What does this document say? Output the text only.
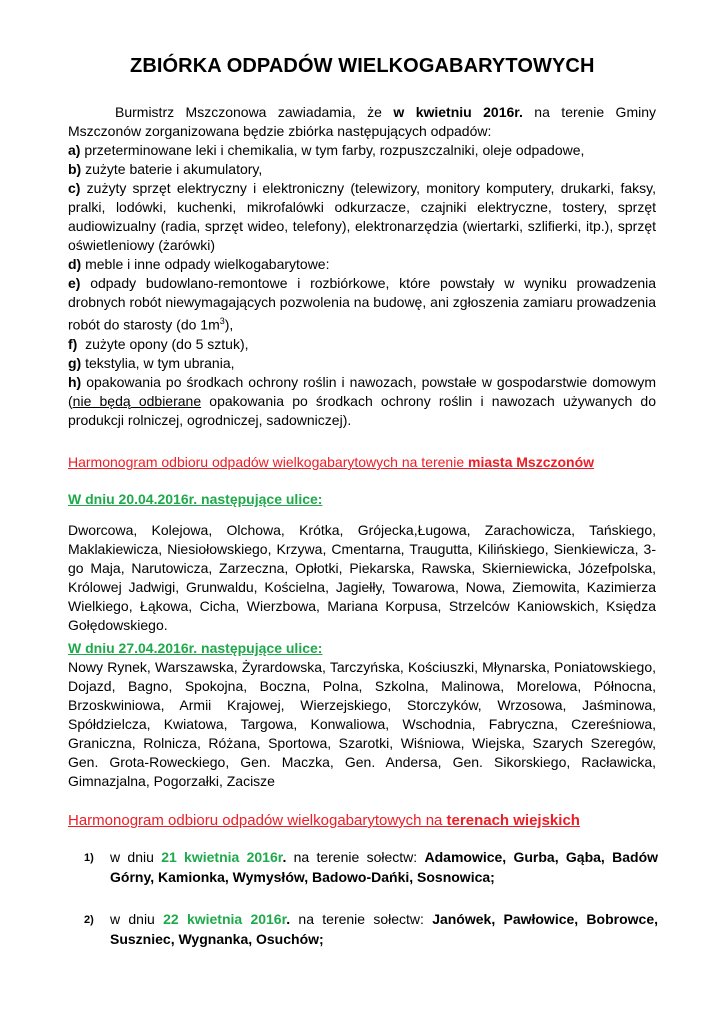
ZBIÓRKA ODPADÓW WIELKOGABARYTOWYCH

Burmistrz Mszczonowa zawiadamia, że w kwietniu 2016r. na terenie Gminy Mszczonów zorganizowana będzie zbiórka następujących odpadów:

a) przeterminowane leki i chemikalia, w tym farby, rozpuszczalniki, oleje odpadowe,

b) zużyte baterie i akumulatory,

c) zużyty sprzęt elektryczny i elektroniczny (telewizory, monitory komputery, drukarki, faksy, pralki, lodówki, kuchenki, mikrofalówki odkurzacze, czajniki elektryczne, tostery, sprzęt audiowizualny (radia, sprzęt wideo, telefony), elektronarzędzia (wiertarki, szlifierki, itp.), sprzęt oświetleniowy (żarówki)

d) meble i inne odpady wielkogabarytowe:

e) odpady budowlano-remontowe i rozbiórkowe, które powstały w wyniku prowadzenia drobnych robót niewymagających pozwolenia na budowę, ani zgłoszenia zamiaru prowadzenia robót do starosty (do $1m^3$),

f)  zużyte opony (do 5 sztuk),

g) tekstylia, w tym ubrania,

h) opakowania po środkach ochrony roślin i nawozach, powstałe w gospodarstwie domowym (nie będą odbierane opakowania po środkach ochrony roślin i nawozach używanych do produkcji rolniczej, ogrodniczej, sadowniczej).

Harmonogram odbioru odpadów wielkogabarytowych na terenie miasta Mszczonów

W dniu 20.04.2016r. następujące ulice:

Dworcowa, Kolejowa, Olchowa, Krótka, Grójecka,Ługowa, Zarachowicza, Tańskiego, Maklakiewicza, Niesiołowskiego, Krzywa, Cmentarna, Traugutta, Kilińskiego, Sienkiewicza, 3-go Maja, Narutowicza, Zarzeczna, Opłotki, Piekarska, Rawska, Skierniewicka, Józefpolska, Królowej Jadwigi, Grunwaldu, Kościelna, Jagiełły, Towarowa, Nowa, Ziemowita, Kazimierza Wielkiego, Łąkowa, Cicha, Wierzbowa, Mariana Korpusa, Strzelców Kaniowskich, Księdza Gołędowskiego.

W dniu 27.04.2016r. następujące ulice:

Nowy Rynek, Warszawska, Żyrardowska, Tarczyńska, Kościuszki, Młynarska, Poniatowskiego, Dojazd, Bagno, Spokojna, Boczna, Polna, Szkolna, Malinowa, Morelowa, Północna, Brzoskwiniowa, Armii Krajowej, Wierzejskiego, Storczyków, Wrzosowa, Jaśminowa, Spółdzielcza, Kwiatowa, Targowa, Konwaliowa, Wschodnia, Fabryczna, Czereśniowa, Graniczna, Rolnicza, Różana, Sportowa, Szarotki, Wiśniowa, Wiejska, Szarych Szeregów, Gen. Grota-Roweckiego, Gen. Maczka, Gen. Andersa, Gen. Sikorskiego, Racławicka, Gimnazjalna, Pogorzałki, Zacisze

Harmonogram odbioru odpadów wielkogabarytowych na terenach wiejskich

1) w dniu 21 kwietnia 2016r. na terenie sołectw: Adamowice, Gurba, Gąba, Badów Górny, Kamionka, Wymysłów, Badowo-Dańki, Sosnowica;
2) w dniu 22 kwietnia 2016r. na terenie sołectw: Janówek, Pawłowice, Bobrowce, Suszniec, Wygnanka, Osuchów;
